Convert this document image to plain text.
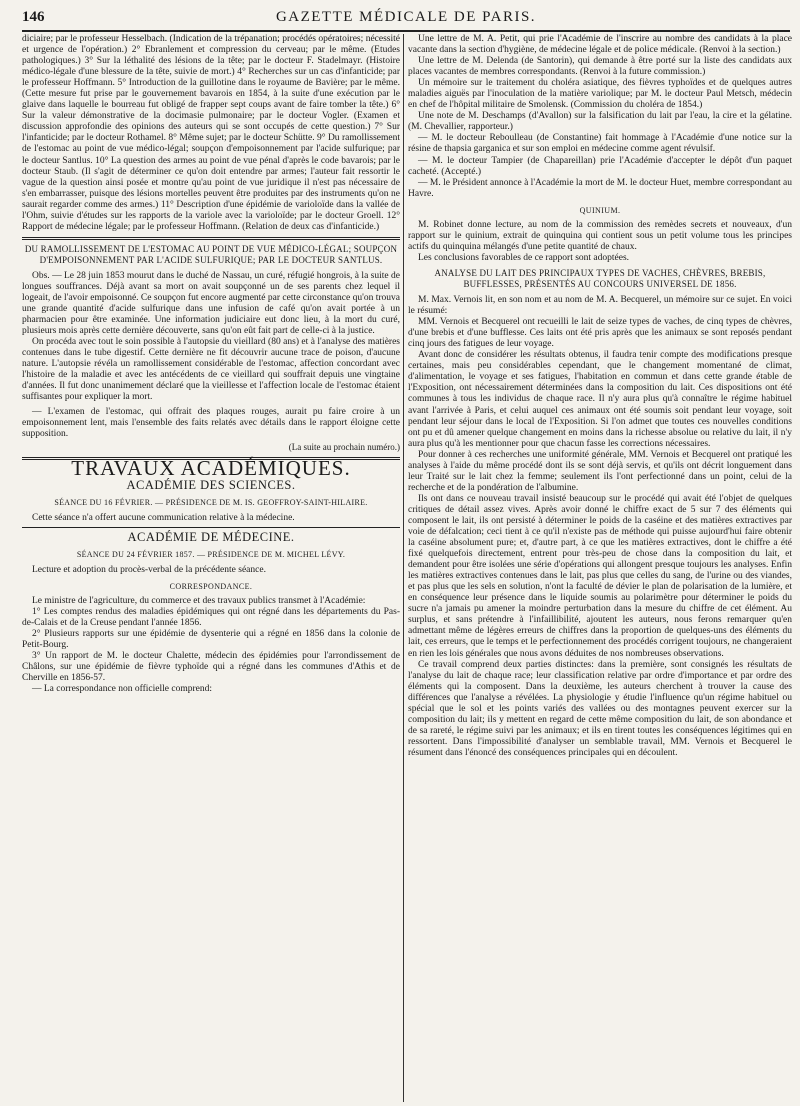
146	GAZETTE MÉDICALE DE PARIS.

diciaire; par le professeur Hesselbach. (Indication de la trépanation; procédés opératoires; nécessité et urgence de l'opération.) 2° Ebranlement et compression du cerveau; par le même. (Etudes pathologiques.) 3° Sur la léthalité des lésions de la tête; par le docteur F. Stadelmayr. (Histoire médico-légale d'une blessure de la tête, suivie de mort.) 4° Recherches sur un cas d'infanticide; par le professeur Hoffmann. 5° Introduction de la guillotine dans le royaume de Bavière; par le même. (Cette mesure fut prise par le gouvernement bavarois en 1854, à la suite d'une exécution par le glaive dans laquelle le bourreau fut obligé de frapper sept coups avant de faire tomber la tête.) 6° Sur la valeur démonstrative de la docimasie pulmonaire; par le docteur Vogler. (Examen et discussion approfondie des opinions des auteurs qui se sont occupés de cette question.) 7° Sur l'infanticide; par le docteur Rothamel. 8° Même sujet; par le docteur Schütte. 9° Du ramollissement de l'estomac au point de vue médico-légal; soupçon d'empoisonnement par l'acide sulfurique; par le docteur Santlus. 10° La question des armes au point de vue pénal d'après le code bavarois; par le docteur Staub. (Il s'agit de déterminer ce qu'on doit entendre par armes; l'auteur fait ressortir le vague de la question ainsi posée et montre qu'au point de vue juridique il n'est pas nécessaire de s'en embarrasser, puisque des lésions mortelles peuvent être produites par des instruments qu'on ne saurait regarder comme des armes.) 11° Description d'une épidémie de varioloïde dans la vallée de l'Ohm, suivie d'études sur les rapports de la variole avec la varioloïde; par le docteur Groell. 12° Rapport de médecine légale; par le professeur Hoffmann. (Relation de deux cas d'infanticide.)

DU RAMOLLISSEMENT DE L'ESTOMAC AU POINT DE VUE MÉDICO-LÉGAL; SOUPÇON D'EMPOISONNEMENT PAR L'ACIDE SULFURIQUE; PAR LE DOCTEUR SANTLUS.

Obs. — Le 28 juin 1853 mourut dans le duché de Nassau, un curé, réfugié hongrois, à la suite de longues souffrances. Déjà avant sa mort on avait soupçonné un de ses parents chez lequel il logeait, de l'avoir empoisonné. Ce soupçon fut encore augmenté par cette circonstance qu'on trouva une grande quantité d'acide sulfurique dans une infusion de café qu'on avait portée à un pharmacien pour être examinée. Une information judiciaire eut donc lieu, à la mort du curé, plusieurs mois après cette dernière découverte, sans qu'on eût fait part de celle-ci à la justice.

On procéda avec tout le soin possible à l'autopsie du vieillard (80 ans) et à l'analyse des matières contenues dans le tube digestif. Cette dernière ne fit découvrir aucune trace de poison, d'aucune nature. L'autopsie révéla un ramollissement considérable de l'estomac, affection concordant avec l'histoire de la maladie et avec les antécédents de ce vieillard qui souffrait depuis une vingtaine d'années. Il fut donc unanimement déclaré que la vieillesse et l'affection locale de l'estomac étaient suffisantes pour expliquer la mort.

— L'examen de l'estomac, qui offrait des plaques rouges, aurait pu faire croire à un empoisonnement lent, mais l'ensemble des faits relatés avec détails dans le rapport éloigne cette supposition.

(La suite au prochain numéro.)
TRAVAUX ACADÉMIQUES.
ACADÉMIE DES SCIENCES.
SÉANCE DU 16 FÉVRIER. — PRÉSIDENCE DE M. IS. GEOFFROY-SAINT-HILAIRE.

Cette séance n'a offert aucune communication relative à la médecine.

ACADÉMIE DE MÉDECINE.
SÉANCE DU 24 FÉVRIER 1857. — PRÉSIDENCE DE M. MICHEL LÉVY.

Lecture et adoption du procès-verbal de la précédente séance.

CORRESPONDANCE.

Le ministre de l'agriculture, du commerce et des travaux publics transmet à l'Académie:

1° Les comptes rendus des maladies épidémiques qui ont régné dans les départements du Pas-de-Calais et de la Creuse pendant l'année 1856.

2° Plusieurs rapports sur une épidémie de dysenterie qui a régné en 1856 dans la colonie de Petit-Bourg.

3° Un rapport de M. le docteur Chalette, médecin des épidémies pour l'arrondissement de Châlons, sur une épidémie de fièvre typhoïde qui a régné dans les communes d'Athis et de Cherville en 1856-57.

— La correspondance non officielle comprend:

Une lettre de M. A. Petit, qui prie l'Académie de l'inscrire au nombre des candidats à la place vacante dans la section d'hygiène, de médecine légale et de police médicale. (Renvoi à la section.)

Une lettre de M. Delenda (de Santorin), qui demande à être porté sur la liste des candidats aux places vacantes de membres correspondants. (Renvoi à la future commission.)

Un mémoire sur le traitement du choléra asiatique, des fièvres typhoïdes et de quelques autres maladies aiguës par l'inoculation de la matière variolique; par M. le docteur Paul Metsch, médecin en chef de l'hôpital militaire de Smolensk. (Commission du choléra de 1854.)

Une note de M. Deschamps (d'Avallon) sur la falsification du lait par l'eau, la cire et la gélatine. (M. Chevallier, rapporteur.)

— M. le docteur Reboulleau (de Constantine) fait hommage à l'Académie d'une notice sur la résine de thapsia garganica et sur son emploi en médecine comme agent révulsif.

— M. le docteur Tampier (de Chapareillan) prie l'Académie d'accepter le dépôt d'un paquet cacheté. (Accepté.)

— M. le Président annonce à l'Académie la mort de M. le docteur Huet, membre correspondant au Havre.

QUINIUM.

M. Robinet donne lecture, au nom de la commission des remèdes secrets et nouveaux, d'un rapport sur le quinium, extrait de quinquina qui contient sous un petit volume tous les principes actifs du quinquina mélangés d'une petite quantité de chaux.

Les conclusions favorables de ce rapport sont adoptées.

ANALYSE DU LAIT DES PRINCIPAUX TYPES DE VACHES, CHÈVRES, BREBIS, BUFFLESSES, PRÉSENTÉS AU CONCOURS UNIVERSEL DE 1856.

M. Max. Vernois lit, en son nom et au nom de M. A. Becquerel, un mémoire sur ce sujet. En voici le résumé:

MM. Vernois et Becquerel ont recueilli le lait de seize types de vaches, de cinq types de chèvres, d'une brebis et d'une bufflesse. Ces laits ont été pris après que les animaux se sont reposés pendant cinq jours des fatigues de leur voyage.

Avant donc de considérer les résultats obtenus, il faudra tenir compte des modifications presque certaines, mais peu considérables cependant, que le changement momentané de climat, d'alimentation, le voyage et ses fatigues, l'habitation en commun et dans cette grande étable de l'Exposition, ont nécessairement déterminées dans la composition du lait. Ces dispositions ont été communes à tous les individus de chaque race. Il n'y aura plus qu'à connaître le régime habituel avant l'arrivée à Paris, et celui auquel ces animaux ont été soumis soit pendant leur voyage, soit pendant leur séjour dans le local de l'Exposition. Si l'on admet que toutes ces nouvelles conditions ont pu et dû amener quelque changement en moins dans la richesse absolue ou relative du lait, il n'y aura plus qu'à les mentionner pour que chacun fasse les corrections nécessaires.

Pour donner à ces recherches une uniformité générale, MM. Vernois et Becquerel ont pratiqué les analyses à l'aide du même procédé dont ils se sont déjà servis, et qu'ils ont décrit longuement dans leur Traité sur le lait chez la femme; seulement ils l'ont perfectionné dans un point, celui de la recherche et de la pondération de l'albumine.

Ils ont dans ce nouveau travail insisté beaucoup sur le procédé qui avait été l'objet de quelques critiques de détail assez vives. Après avoir donné le chiffre exact de 5 sur 7 des éléments qui composent le lait, ils ont persisté à déterminer le poids de la caséine et des matières extractives par voie de défalcation; ceci tient à ce qu'il n'existe pas de méthode qui puisse aujourd'hui faire obtenir la caséine absolument pure; et, d'autre part, à ce que les matières extractives, dont le chiffre a été fixé quelquefois directement, entrent pour très-peu de chose dans la composition du lait, et demandent pour être isolées une série d'opérations qui allongent presque toujours les analyses. Enfin les matières extractives contenues dans le lait, pas plus que celles du sang, de l'urine ou des viandes, et pas plus que les sels en solution, n'ont la faculté de dévier le plan de polarisation de la lumière, et en conséquence leur présence dans le liquide soumis au polarimètre pour déterminer le poids du sucre n'a jamais pu amener la moindre perturbation dans la mesure du chiffre de cet élément. Au surplus, et sans prétendre à l'infaillibilité, ajoutent les auteurs, nous ferons remarquer qu'en admettant même de légères erreurs de chiffres dans la proportion de quelques-uns des éléments du lait, ces erreurs, que le temps et le perfectionnement des procédés corrigent toujours, ne changeraient en rien les lois générales que nous avons déduites de nos nombreuses observations.

Ce travail comprend deux parties distinctes: dans la première, sont consignés les résultats de l'analyse du lait de chaque race; leur classification relative par ordre d'importance et par ordre des éléments qui la composent. Dans la deuxième, les auteurs cherchent à trouver la cause des différences que l'analyse a révélées. La physiologie y étudie l'influence qu'un régime habituel ou spécial que le sol et les points variés des vallées ou des montagnes peuvent exercer sur la composition du lait; ils y mettent en regard de cette même composition du lait, de son abondance et de sa rareté, le régime suivi par les animaux; et ils en tirent toutes les conséquences légitimes qui en ressortent. Dans l'impossibilité d'analyser un semblable travail, MM. Vernois et Becquerel le résument dans l'énoncé des conséquences principales qui en découlent.
